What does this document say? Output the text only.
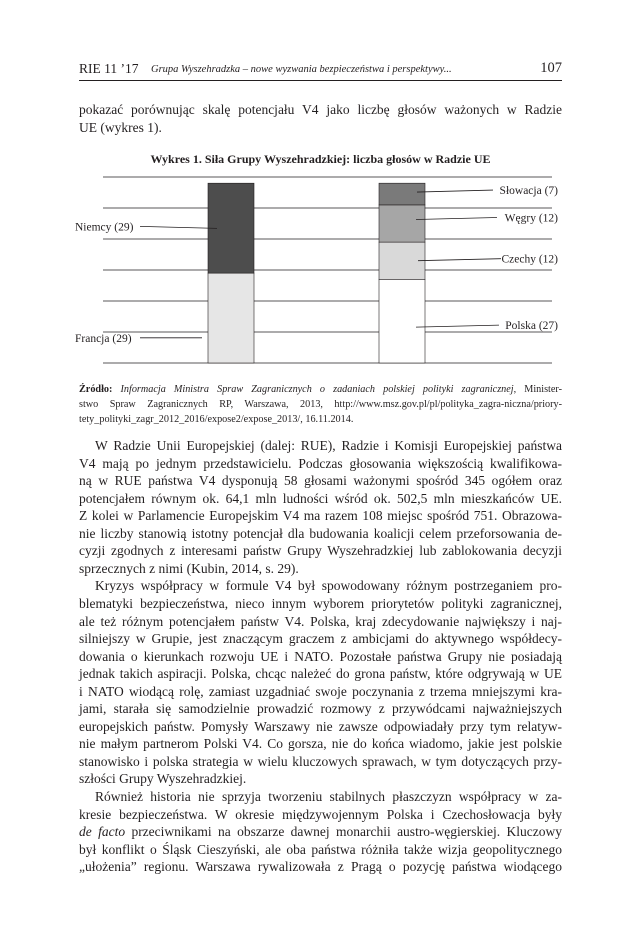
RIE 11 ’17 Grupa Wyszehradzka – nowe wyzwania bezpieczeństwa i perspektywy...	107
pokazać porównując skalę potencjału V4 jako liczbę głosów ważonych w Radzie
UE (wykres 1).
Wykres 1. Siła Grupy Wyszehradzkiej: liczba głosów w Radzie UE
Francja (29)
Niemcy (29)
Polska (27)
Czechy (12)
Węgry (12)
Słowacja (7)
Źródło: Informacja Ministra Spraw Zagranicznych o zadaniach polskiej polityki zagranicznej, Minister-
stwo Spraw Zagranicznych RP, Warszawa, 2013, http://www.msz.gov.pl/pl/polityka_zagra-niczna/priory-
tety_polityki_zagr_2012_2016/expose2/expose_2013/, 16.11.2014.
W Radzie Unii Europejskiej (dalej: RUE), Radzie i Komisji Europejskiej państwa
V4 mają po jednym przedstawicielu. Podczas głosowania większością kwalifikowa-
ną w RUE państwa V4 dysponują 58 głosami ważonymi spośród 345 ogółem oraz
potencjałem równym ok. 64,1 mln ludności wśród ok. 502,5 mln mieszkańców UE.
Z kolei w Parlamencie Europejskim V4 ma razem 108 miejsc spośród 751. Obrazowa-
nie liczby stanowią istotny potencjał dla budowania koalicji celem przeforsowania de-
cyzji zgodnych z interesami państw Grupy Wyszehradzkiej lub zablokowania decyzji
sprzecznych z nimi (Kubin, 2014, s. 29).
Kryzys współpracy w formule V4 był spowodowany różnym postrzeganiem pro-
blematyki bezpieczeństwa, nieco innym wyborem priorytetów polityki zagranicznej,
ale też różnym potencjałem państw V4. Polska, kraj zdecydowanie największy i naj-
silniejszy w Grupie, jest znaczącym graczem z ambicjami do aktywnego współdecy-
dowania o kierunkach rozwoju UE i NATO. Pozostałe państwa Grupy nie posiadają
jednak takich aspiracji. Polska, chcąc należeć do grona państw, które odgrywają w UE
i NATO wiodącą rolę, zamiast uzgadniać swoje poczynania z trzema mniejszymi kra-
jami, starała się samodzielnie prowadzić rozmowy z przywódcami najważniejszych
europejskich państw. Pomysły Warszawy nie zawsze odpowiadały przy tym relatyw-
nie małym partnerom Polski V4. Co gorsza, nie do końca wiadomo, jakie jest polskie
stanowisko i polska strategia w wielu kluczowych sprawach, w tym dotyczących przy-
szłości Grupy Wyszehradzkiej.
Również historia nie sprzyja tworzeniu stabilnych płaszczyzn współpracy w za-
kresie bezpieczeństwa. W okresie międzywojennym Polska i Czechosłowacja były
de facto przeciwnikami na obszarze dawnej monarchii austro-węgierskiej. Kluczowy
był konflikt o Śląsk Cieszyński, ale oba państwa różniła także wizja geopolitycznego
„ułożenia” regionu. Warszawa rywalizowała z Pragą o pozycję państwa wiodącego
